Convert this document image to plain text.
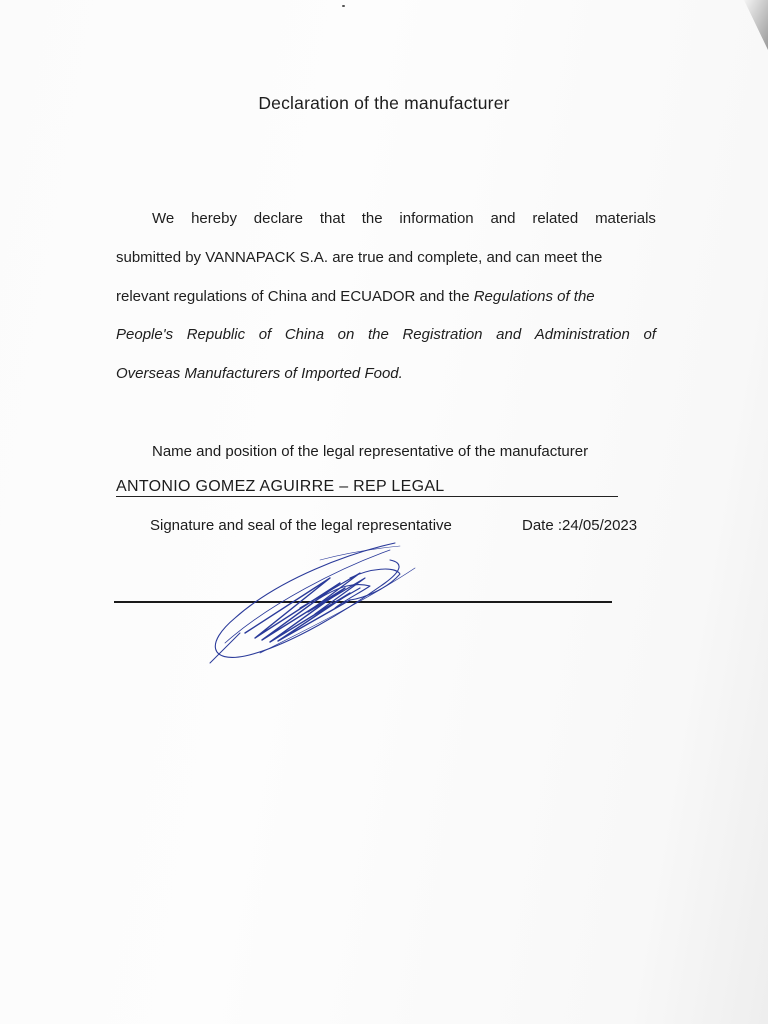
Declaration of the manufacturer
We hereby declare that the information and related materials
submitted by VANNAPACK S.A. are true and complete, and can meet the
relevant regulations of China and ECUADOR and the Regulations of the
People's Republic of China on the Registration and Administration of
Overseas Manufacturers of Imported Food.
Name and position of the legal representative of the manufacturer
ANTONIO GOMEZ AGUIRRE – REP LEGAL
Signature and seal of the legal representative	Date :24/05/2023
